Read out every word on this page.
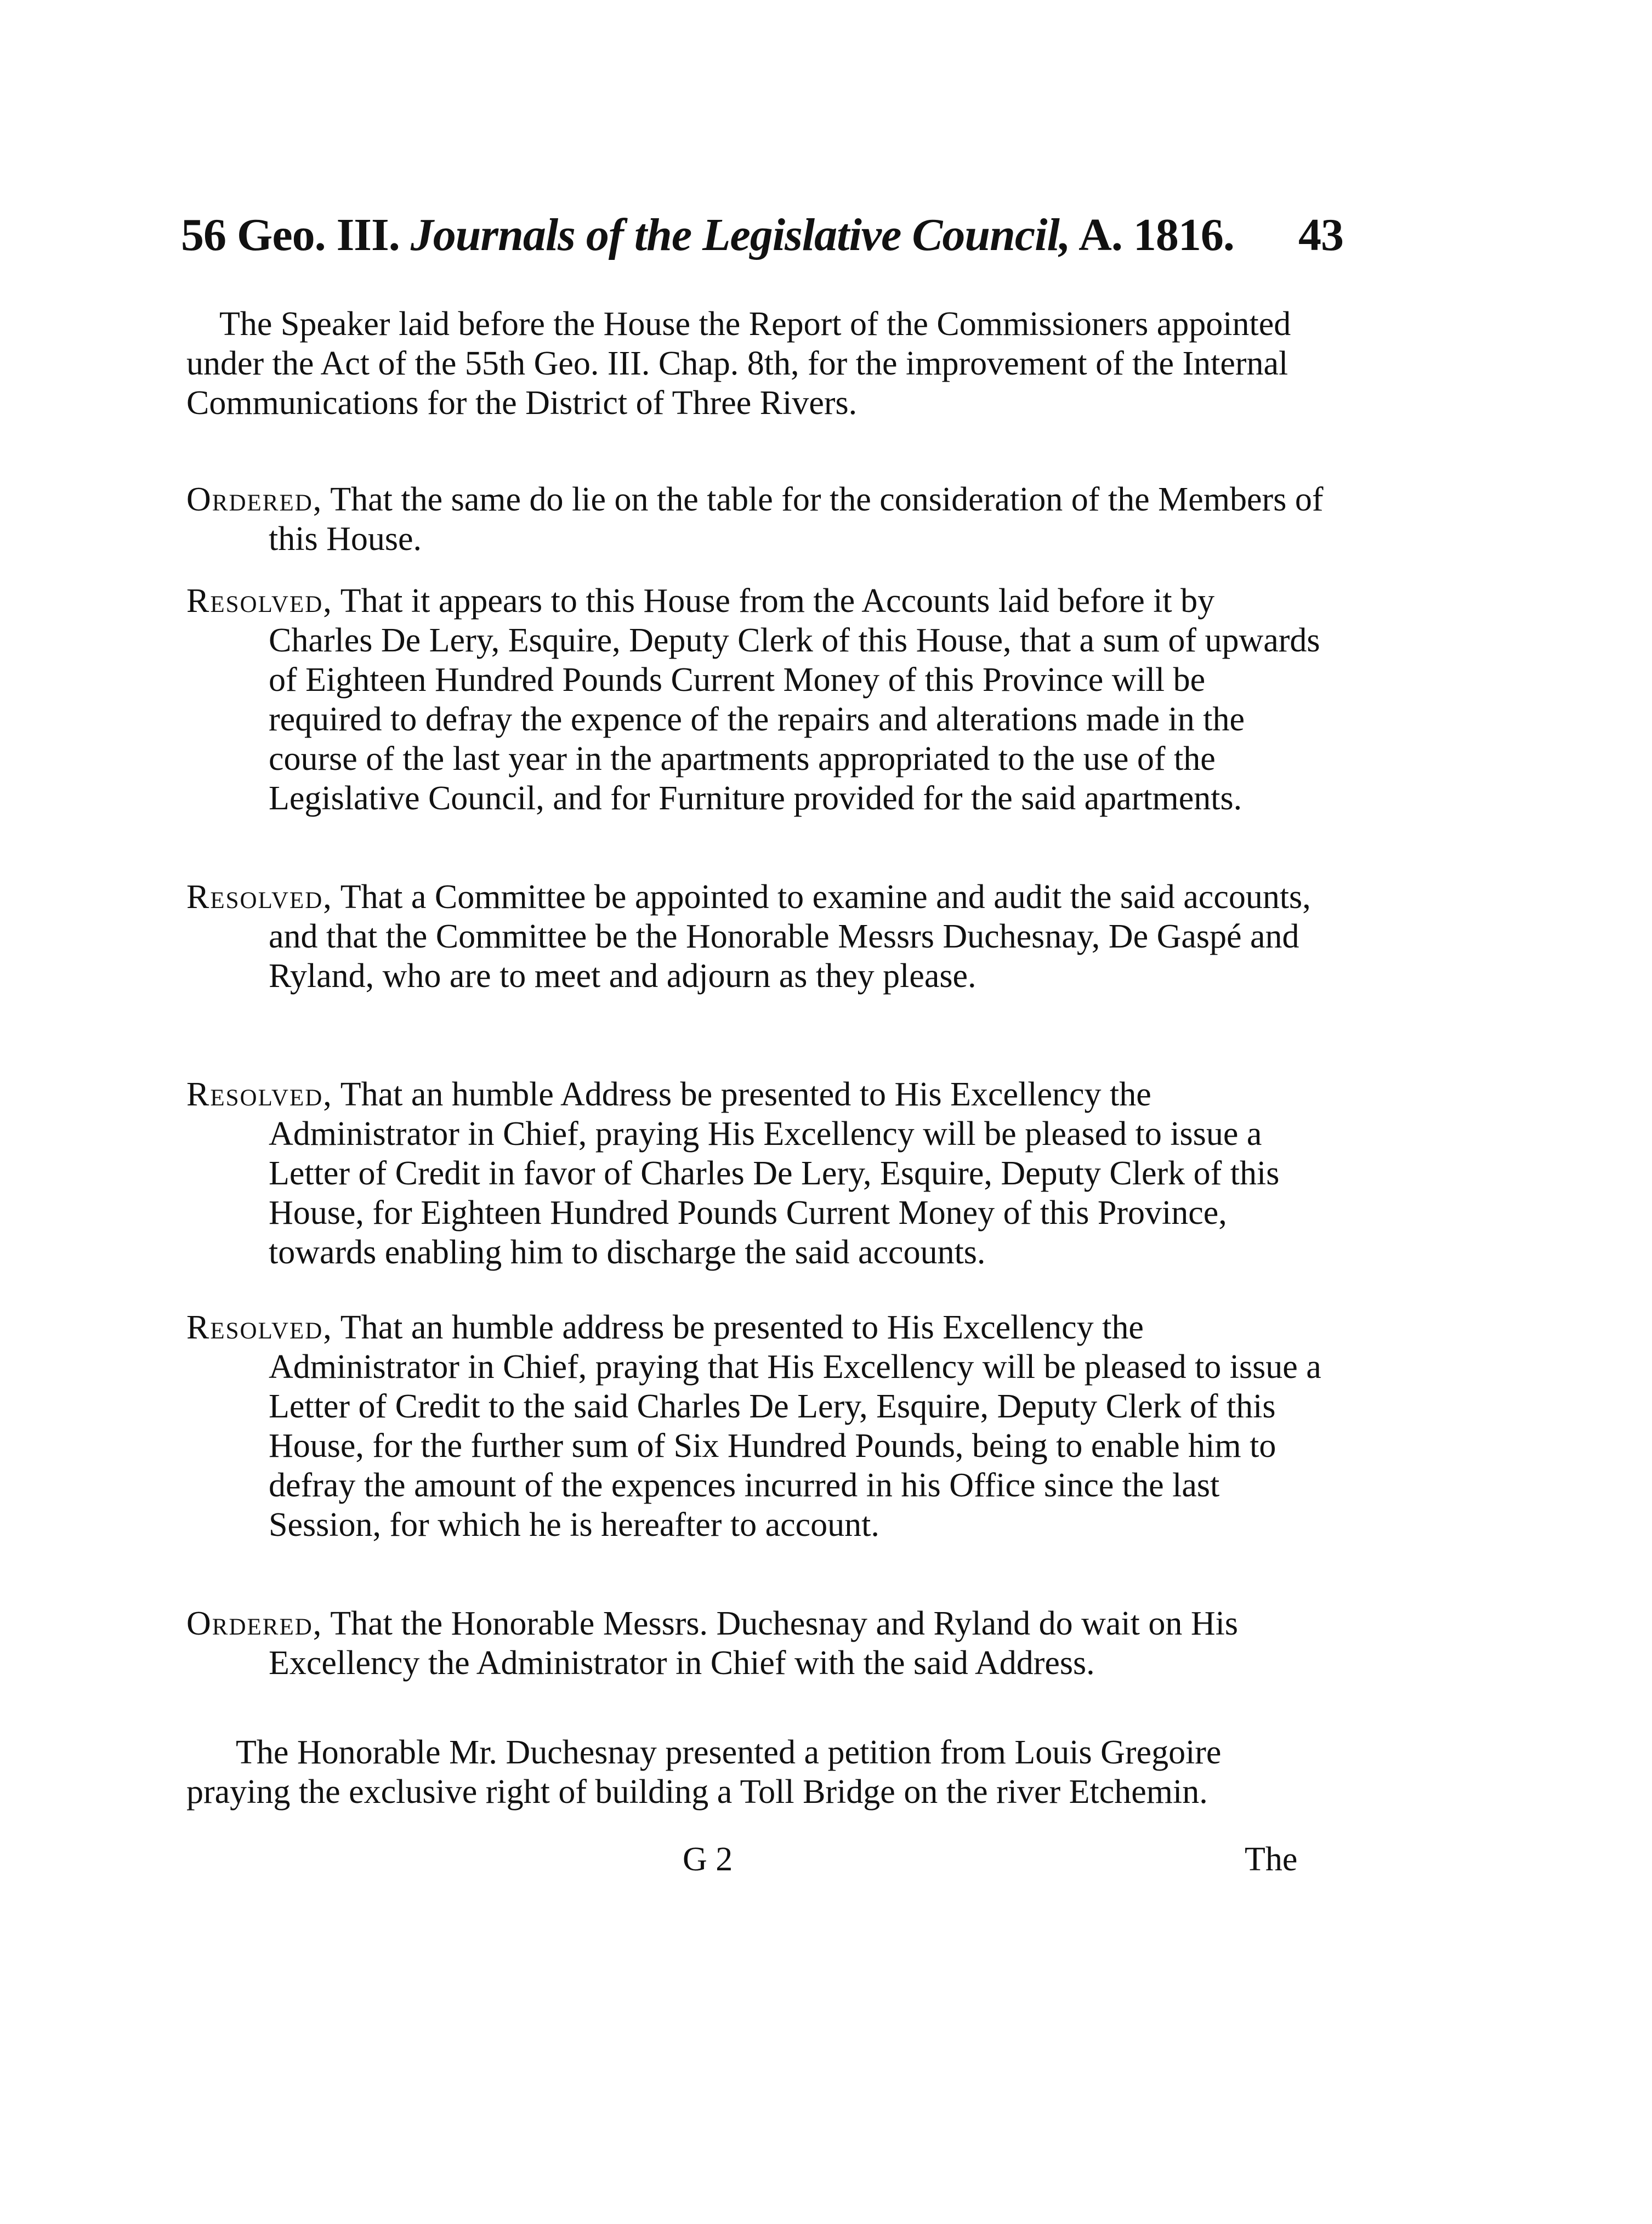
56 Geo. III. Journals of the Legislative Council, A. 1816. 43
The Speaker laid before the House the Report of the Commissioners appointed under the Act of the 55th Geo. III. Chap. 8th, for the improvement of the Internal Communications for the District of Three Rivers.
Ordered, That the same do lie on the table for the consideration of the Members of this House.
Resolved, That it appears to this House from the Accounts laid before it by Charles De Lery, Esquire, Deputy Clerk of this House, that a sum of upwards of Eighteen Hundred Pounds Current Money of this Province will be required to defray the expence of the repairs and alterations made in the course of the last year in the apartments appropriated to the use of the Legislative Council, and for Furniture provided for the said apartments.
Resolved, That a Committee be appointed to examine and audit the said accounts, and that the Committee be the Honorable Messrs Duchesnay, De Gaspé and Ryland, who are to meet and adjourn as they please.
Resolved, That an humble Address be presented to His Excellency the Administrator in Chief, praying His Excellency will be pleased to issue a Letter of Credit in favor of Charles De Lery, Esquire, Deputy Clerk of this House, for Eighteen Hundred Pounds Current Money of this Province, towards enabling him to discharge the said accounts.
Resolved, That an humble address be presented to His Excellency the Administrator in Chief, praying that His Excellency will be pleased to issue a Letter of Credit to the said Charles De Lery, Esquire, Deputy Clerk of this House, for the further sum of Six Hundred Pounds, being to enable him to defray the amount of the expences incurred in his Office since the last Session, for which he is hereafter to account.
Ordered, That the Honorable Messrs. Duchesnay and Ryland do wait on His Excellency the Administrator in Chief with the said Address.
The Honorable Mr. Duchesnay presented a petition from Louis Gregoire praying the exclusive right of building a Toll Bridge on the river Etchemin.
G 2	The
